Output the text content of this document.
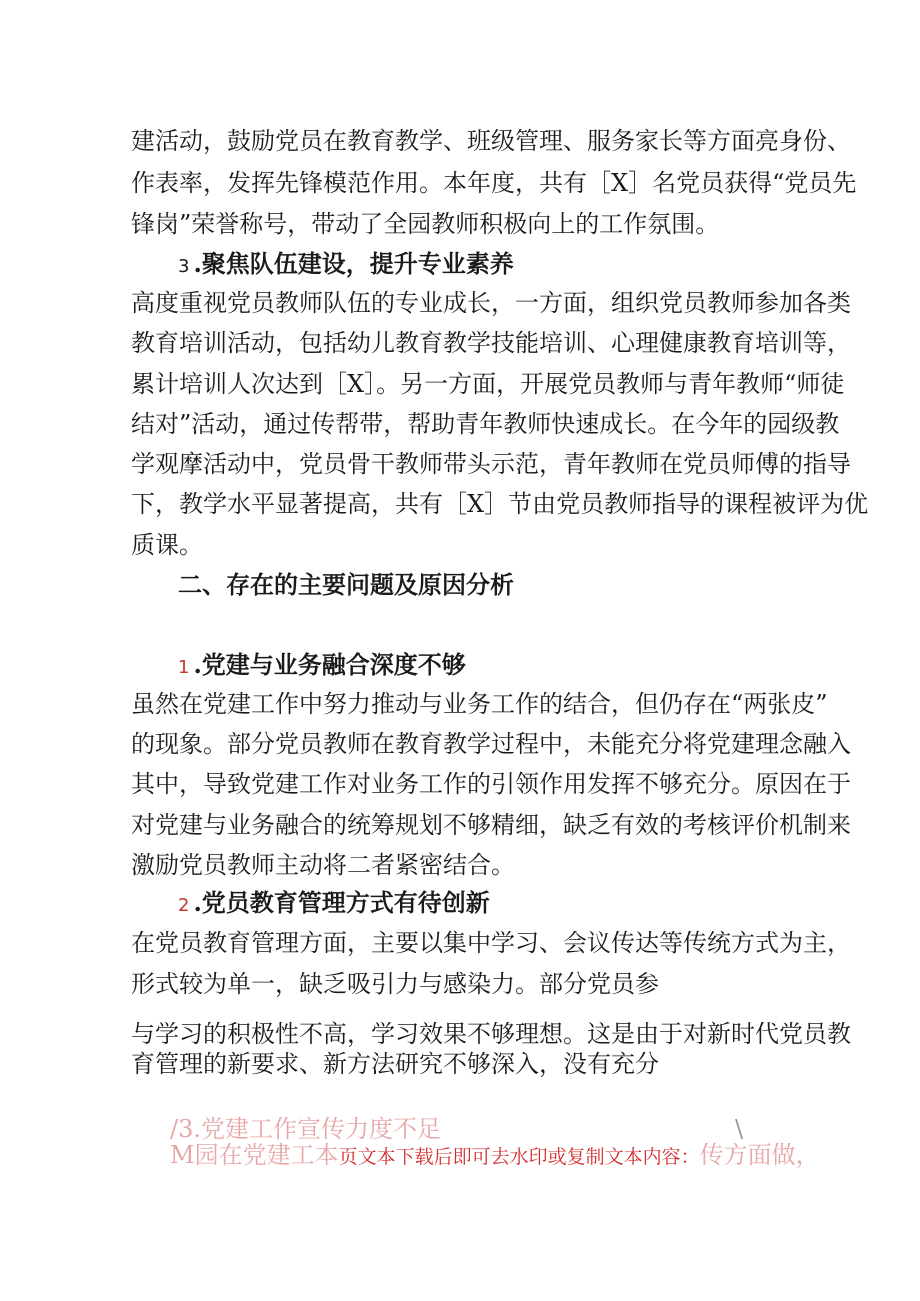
建活动，鼓励党员在教育教学、班级管理、服务家长等方面亮身份、
作表率，发挥先锋模范作用。本年度，共有［X］名党员获得“党员先
锋岗”荣誉称号，带动了全园教师积极向上的工作氛围。
3 .聚焦队伍建设，提升专业素养
高度重视党员教师队伍的专业成长，一方面，组织党员教师参加各类
教育培训活动，包括幼儿教育教学技能培训、心理健康教育培训等，
累计培训人次达到［X］。另一方面，开展党员教师与青年教师“师徒
结对”活动，通过传帮带，帮助青年教师快速成长。在今年的园级教
学观摩活动中，党员骨干教师带头示范，青年教师在党员师傅的指导
下，教学水平显著提高，共有［X］节由党员教师指导的课程被评为优
质课。
二、存在的主要问题及原因分析
1 .党建与业务融合深度不够
虽然在党建工作中努力推动与业务工作的结合，但仍存在“两张皮”
的现象。部分党员教师在教育教学过程中，未能充分将党建理念融入
其中，导致党建工作对业务工作的引领作用发挥不够充分。原因在于
对党建与业务融合的统筹规划不够精细，缺乏有效的考核评价机制来
激励党员教师主动将二者紧密结合。
2 .党员教育管理方式有待创新
在党员教育管理方面，主要以集中学习、会议传达等传统方式为主，
形式较为单一，缺乏吸引力与感染力。部分党员参
与学习的积极性不高，学习效果不够理想。这是由于对新时代党员教
育管理的新要求、新方法研究不够深入，没有充分
/3.党建工作宣传力度不足	\
M园在党建工本页文本下载后即可去水印或复制文本内容：传方面做，
